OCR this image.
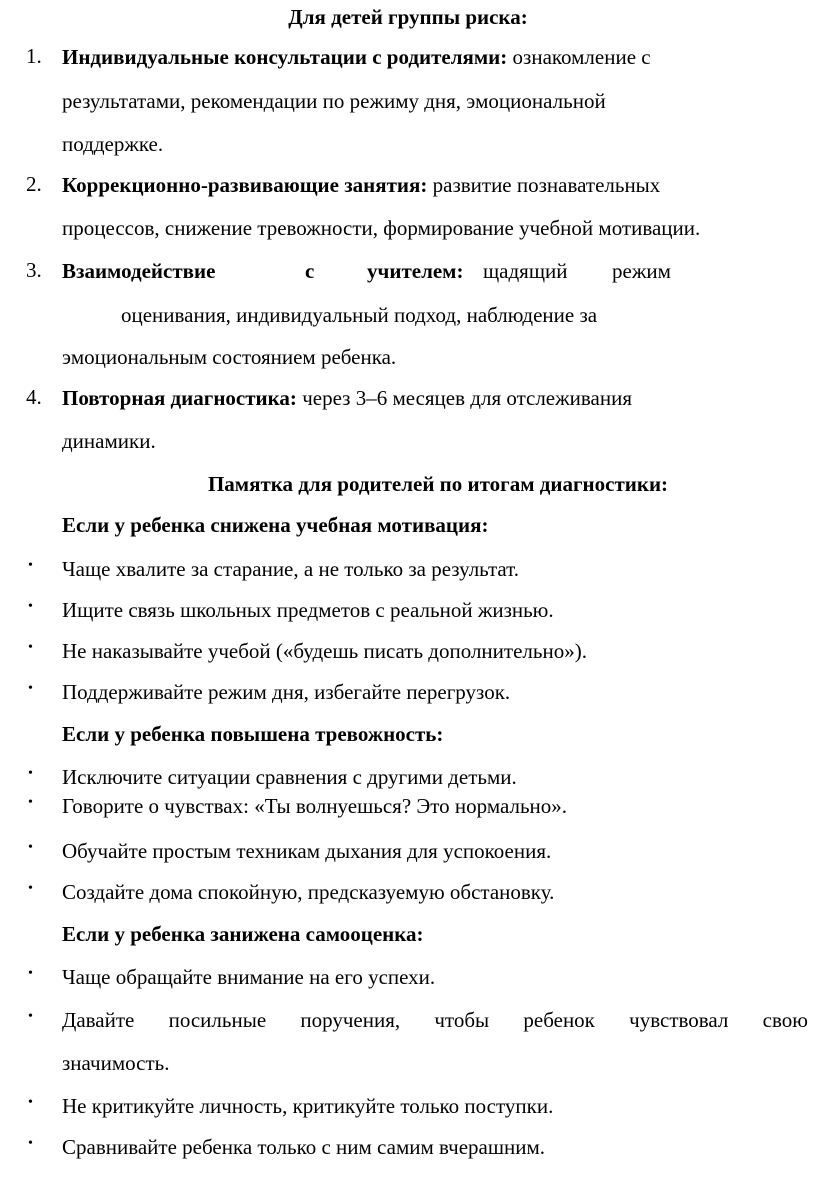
Для детей группы риска:
1. Индивидуальные консультации с родителями: ознакомление с
результатами, рекомендации по режиму дня, эмоциональной
поддержке.
2. Коррекционно-развивающие занятия: развитие познавательных
процессов, снижение тревожности, формирование учебной мотивации.
3. Взаимодействие	с	учителем: щадящий режим
оценивания, индивидуальный подход, наблюдение за
эмоциональным состоянием ребенка.
4. Повторная диагностика: через 3–6 месяцев для отслеживания
динамики.
Памятка для родителей по итогам диагностики:
Если у ребенка снижена учебная мотивация:
• Чаще хвалите за старание, а не только за результат.
• Ищите связь школьных предметов с реальной жизнью.
• Не наказывайте учебой («будешь писать дополнительно»).
• Поддерживайте режим дня, избегайте перегрузок.
Если у ребенка повышена тревожность:
• Исключите ситуации сравнения с другими детьми.
• Говорите о чувствах: «Ты волнуешься? Это нормально».
• Обучайте простым техникам дыхания для успокоения.
• Создайте дома спокойную, предсказуемую обстановку.
Если у ребенка занижена самооценка:
• Чаще обращайте внимание на его успехи.
• Давайте посильные поручения, чтобы ребенок чувствовал свою
значимость.
• Не критикуйте личность, критикуйте только поступки.
• Сравнивайте ребенка только с ним самим вчерашним.
